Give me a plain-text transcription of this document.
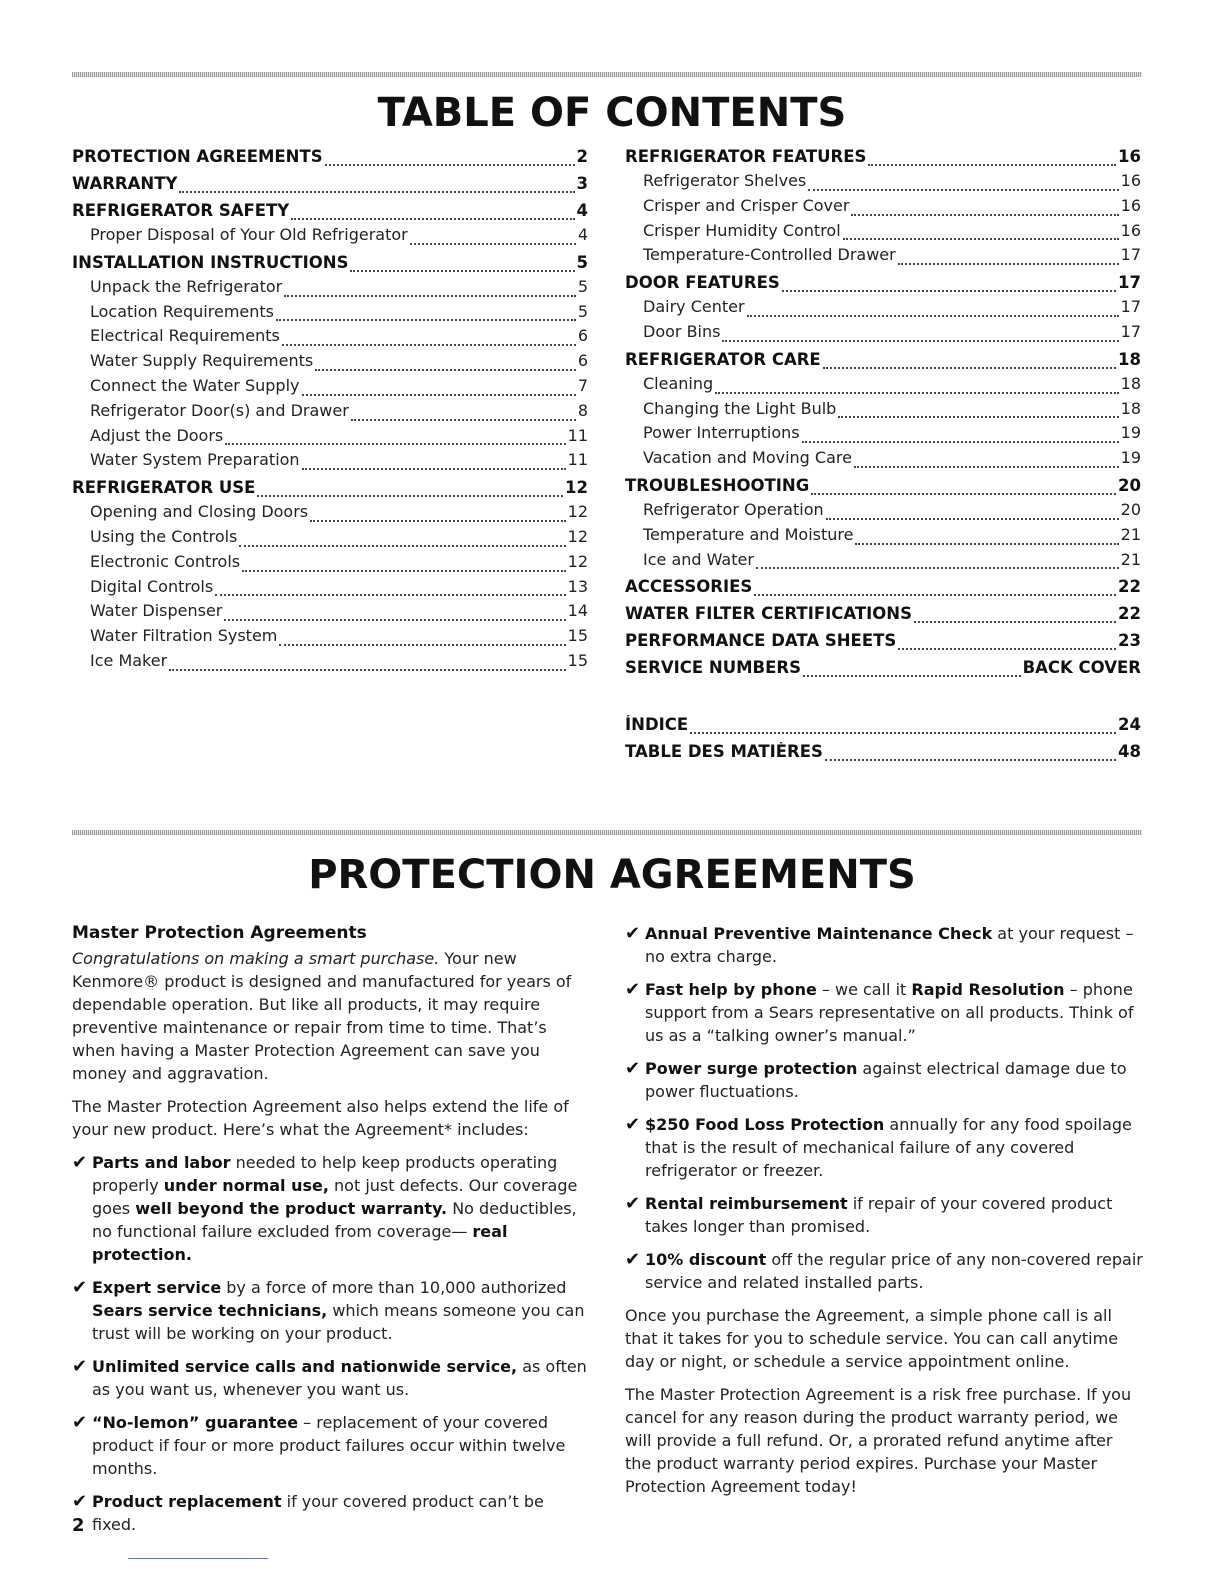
TABLE OF CONTENTS
PROTECTION AGREEMENTS	2
WARRANTY	3
REFRIGERATOR SAFETY	4
Proper Disposal of Your Old Refrigerator	4
INSTALLATION INSTRUCTIONS	5
Unpack the Refrigerator	5
Location Requirements	5
Electrical Requirements	6
Water Supply Requirements	6
Connect the Water Supply	7
Refrigerator Door(s) and Drawer	8
Adjust the Doors	11
Water System Preparation	11
REFRIGERATOR USE	12
Opening and Closing Doors	12
Using the Controls	12
Electronic Controls	12
Digital Controls	13
Water Dispenser	14
Water Filtration System	15
Ice Maker	15
REFRIGERATOR FEATURES	16
Refrigerator Shelves	16
Crisper and Crisper Cover	16
Crisper Humidity Control	16
Temperature-Controlled Drawer	17
DOOR FEATURES	17
Dairy Center	17
Door Bins	17
REFRIGERATOR CARE	18
Cleaning	18
Changing the Light Bulb	18
Power Interruptions	19
Vacation and Moving Care	19
TROUBLESHOOTING	20
Refrigerator Operation	20
Temperature and Moisture	21
Ice and Water	21
ACCESSORIES	22
WATER FILTER CERTIFICATIONS	22
PERFORMANCE DATA SHEETS	23
SERVICE NUMBERS	BACK COVER
ÍNDICE	24
TABLE DES MATIÈRES	48
PROTECTION AGREEMENTS
Master Protection Agreements

Congratulations on making a smart purchase. Your new Kenmore® product is designed and manufactured for years of dependable operation. But like all products, it may require preventive maintenance or repair from time to time. That’s when having a Master Protection Agreement can save you money and aggravation.

The Master Protection Agreement also helps extend the life of your new product. Here’s what the Agreement* includes:

✔ Parts and labor needed to help keep products operating properly under normal use, not just defects. Our coverage goes well beyond the product warranty. No deductibles, no functional failure excluded from coverage— real protection.
✔ Expert service by a force of more than 10,000 authorized Sears service technicians, which means someone you can trust will be working on your product.
✔ Unlimited service calls and nationwide service, as often as you want us, whenever you want us.
✔ “No-lemon” guarantee – replacement of your covered product if four or more product failures occur within twelve months.
✔ Product replacement if your covered product can’t be fixed.
✔ Annual Preventive Maintenance Check at your request – no extra charge.
✔ Fast help by phone – we call it Rapid Resolution – phone support from a Sears representative on all products. Think of us as a “talking owner’s manual.”
✔ Power surge protection against electrical damage due to power fluctuations.
✔ $250 Food Loss Protection annually for any food spoilage that is the result of mechanical failure of any covered refrigerator or freezer.
✔ Rental reimbursement if repair of your covered product takes longer than promised.
✔ 10% discount off the regular price of any non-covered repair service and related installed parts.

Once you purchase the Agreement, a simple phone call is all that it takes for you to schedule service. You can call anytime day or night, or schedule a service appointment online.

The Master Protection Agreement is a risk free purchase. If you cancel for any reason during the product warranty period, we will provide a full refund. Or, a prorated refund anytime after the product warranty period expires. Purchase your Master Protection Agreement today!

2
